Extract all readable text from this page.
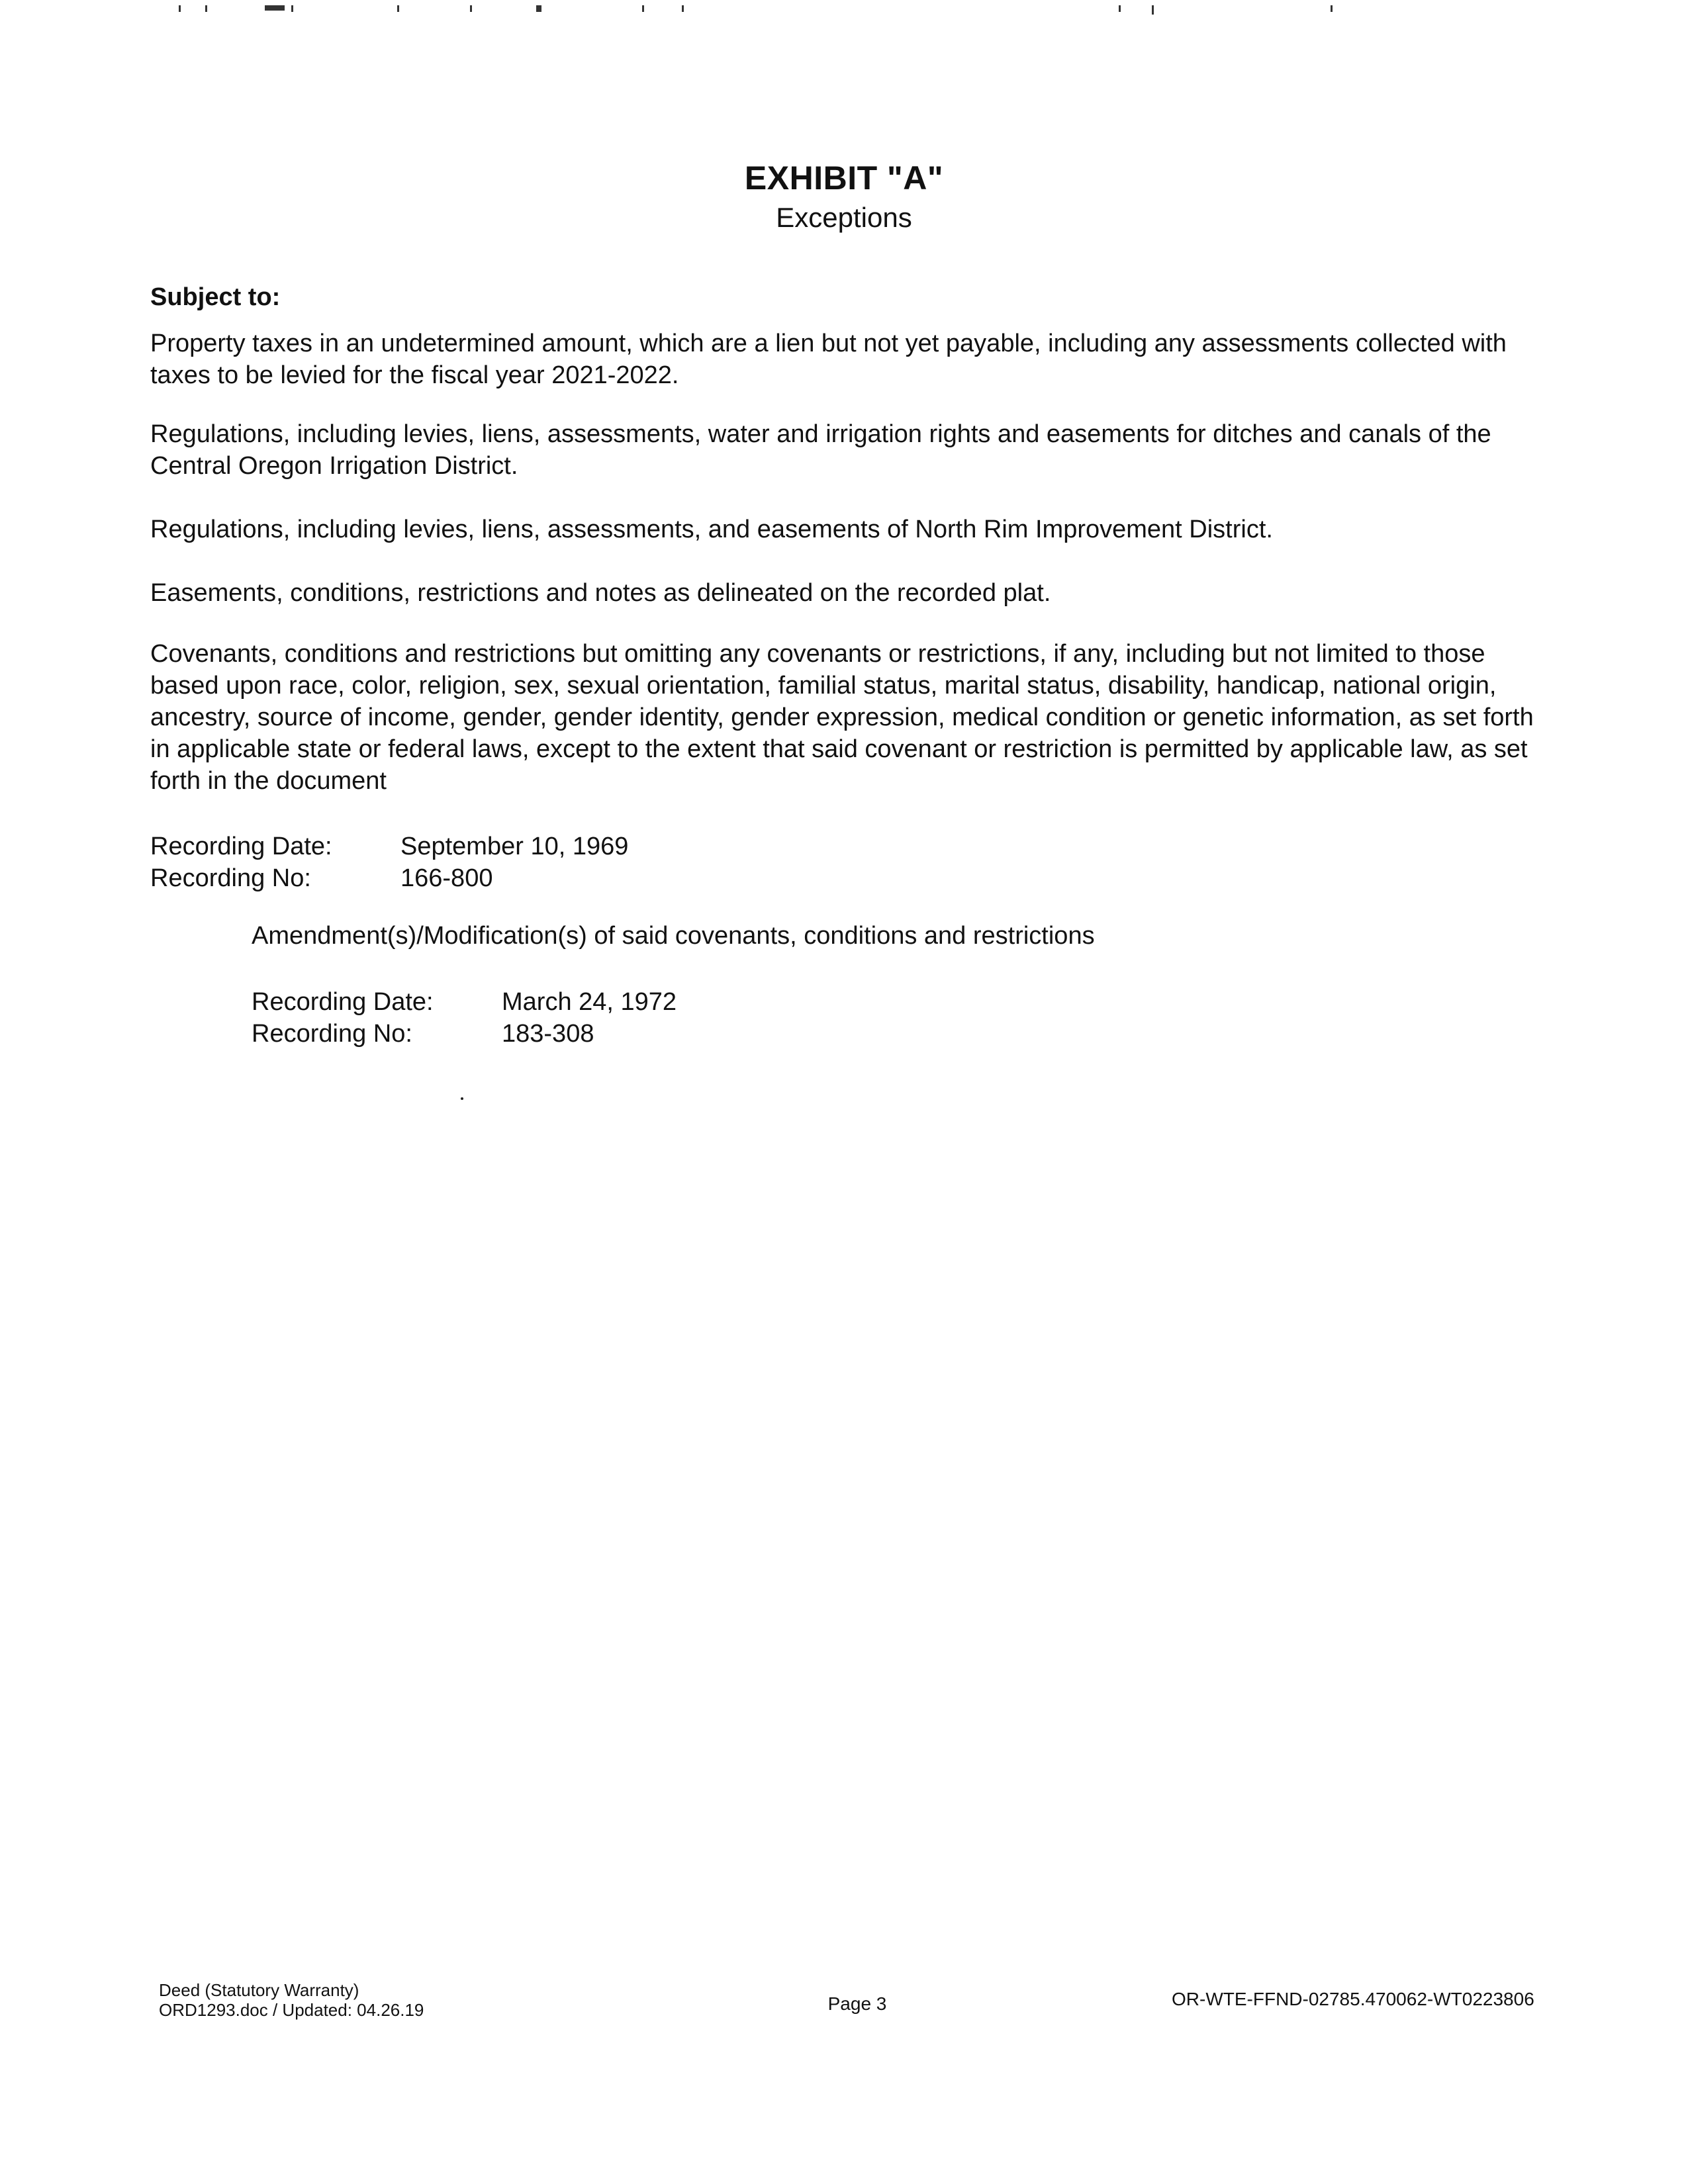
EXHIBIT "A"
Exceptions
Subject to:
Property taxes in an undetermined amount, which are a lien but not yet payable, including any assessments collected with taxes to be levied for the fiscal year 2021-2022.
Regulations, including levies, liens, assessments, water and irrigation rights and easements for ditches and canals of the Central Oregon Irrigation District.
Regulations, including levies, liens, assessments, and easements of North Rim Improvement District.
Easements, conditions, restrictions and notes as delineated on the recorded plat.
Covenants, conditions and restrictions but omitting any covenants or restrictions, if any, including but not limited to those based upon race, color, religion, sex, sexual orientation, familial status, marital status, disability, handicap, national origin, ancestry, source of income, gender, gender identity, gender expression, medical condition or genetic information, as set forth in applicable state or federal laws, except to the extent that said covenant or restriction is permitted by applicable law, as set forth in the document
Recording Date:	September 10, 1969
Recording No:	166-800
Amendment(s)/Modification(s) of said covenants, conditions and restrictions
Recording Date:	March 24, 1972
Recording No:	183-308
Deed (Statutory Warranty)
ORD1293.doc / Updated: 04.26.19	Page 3	OR-WTE-FFND-02785.470062-WT0223806
